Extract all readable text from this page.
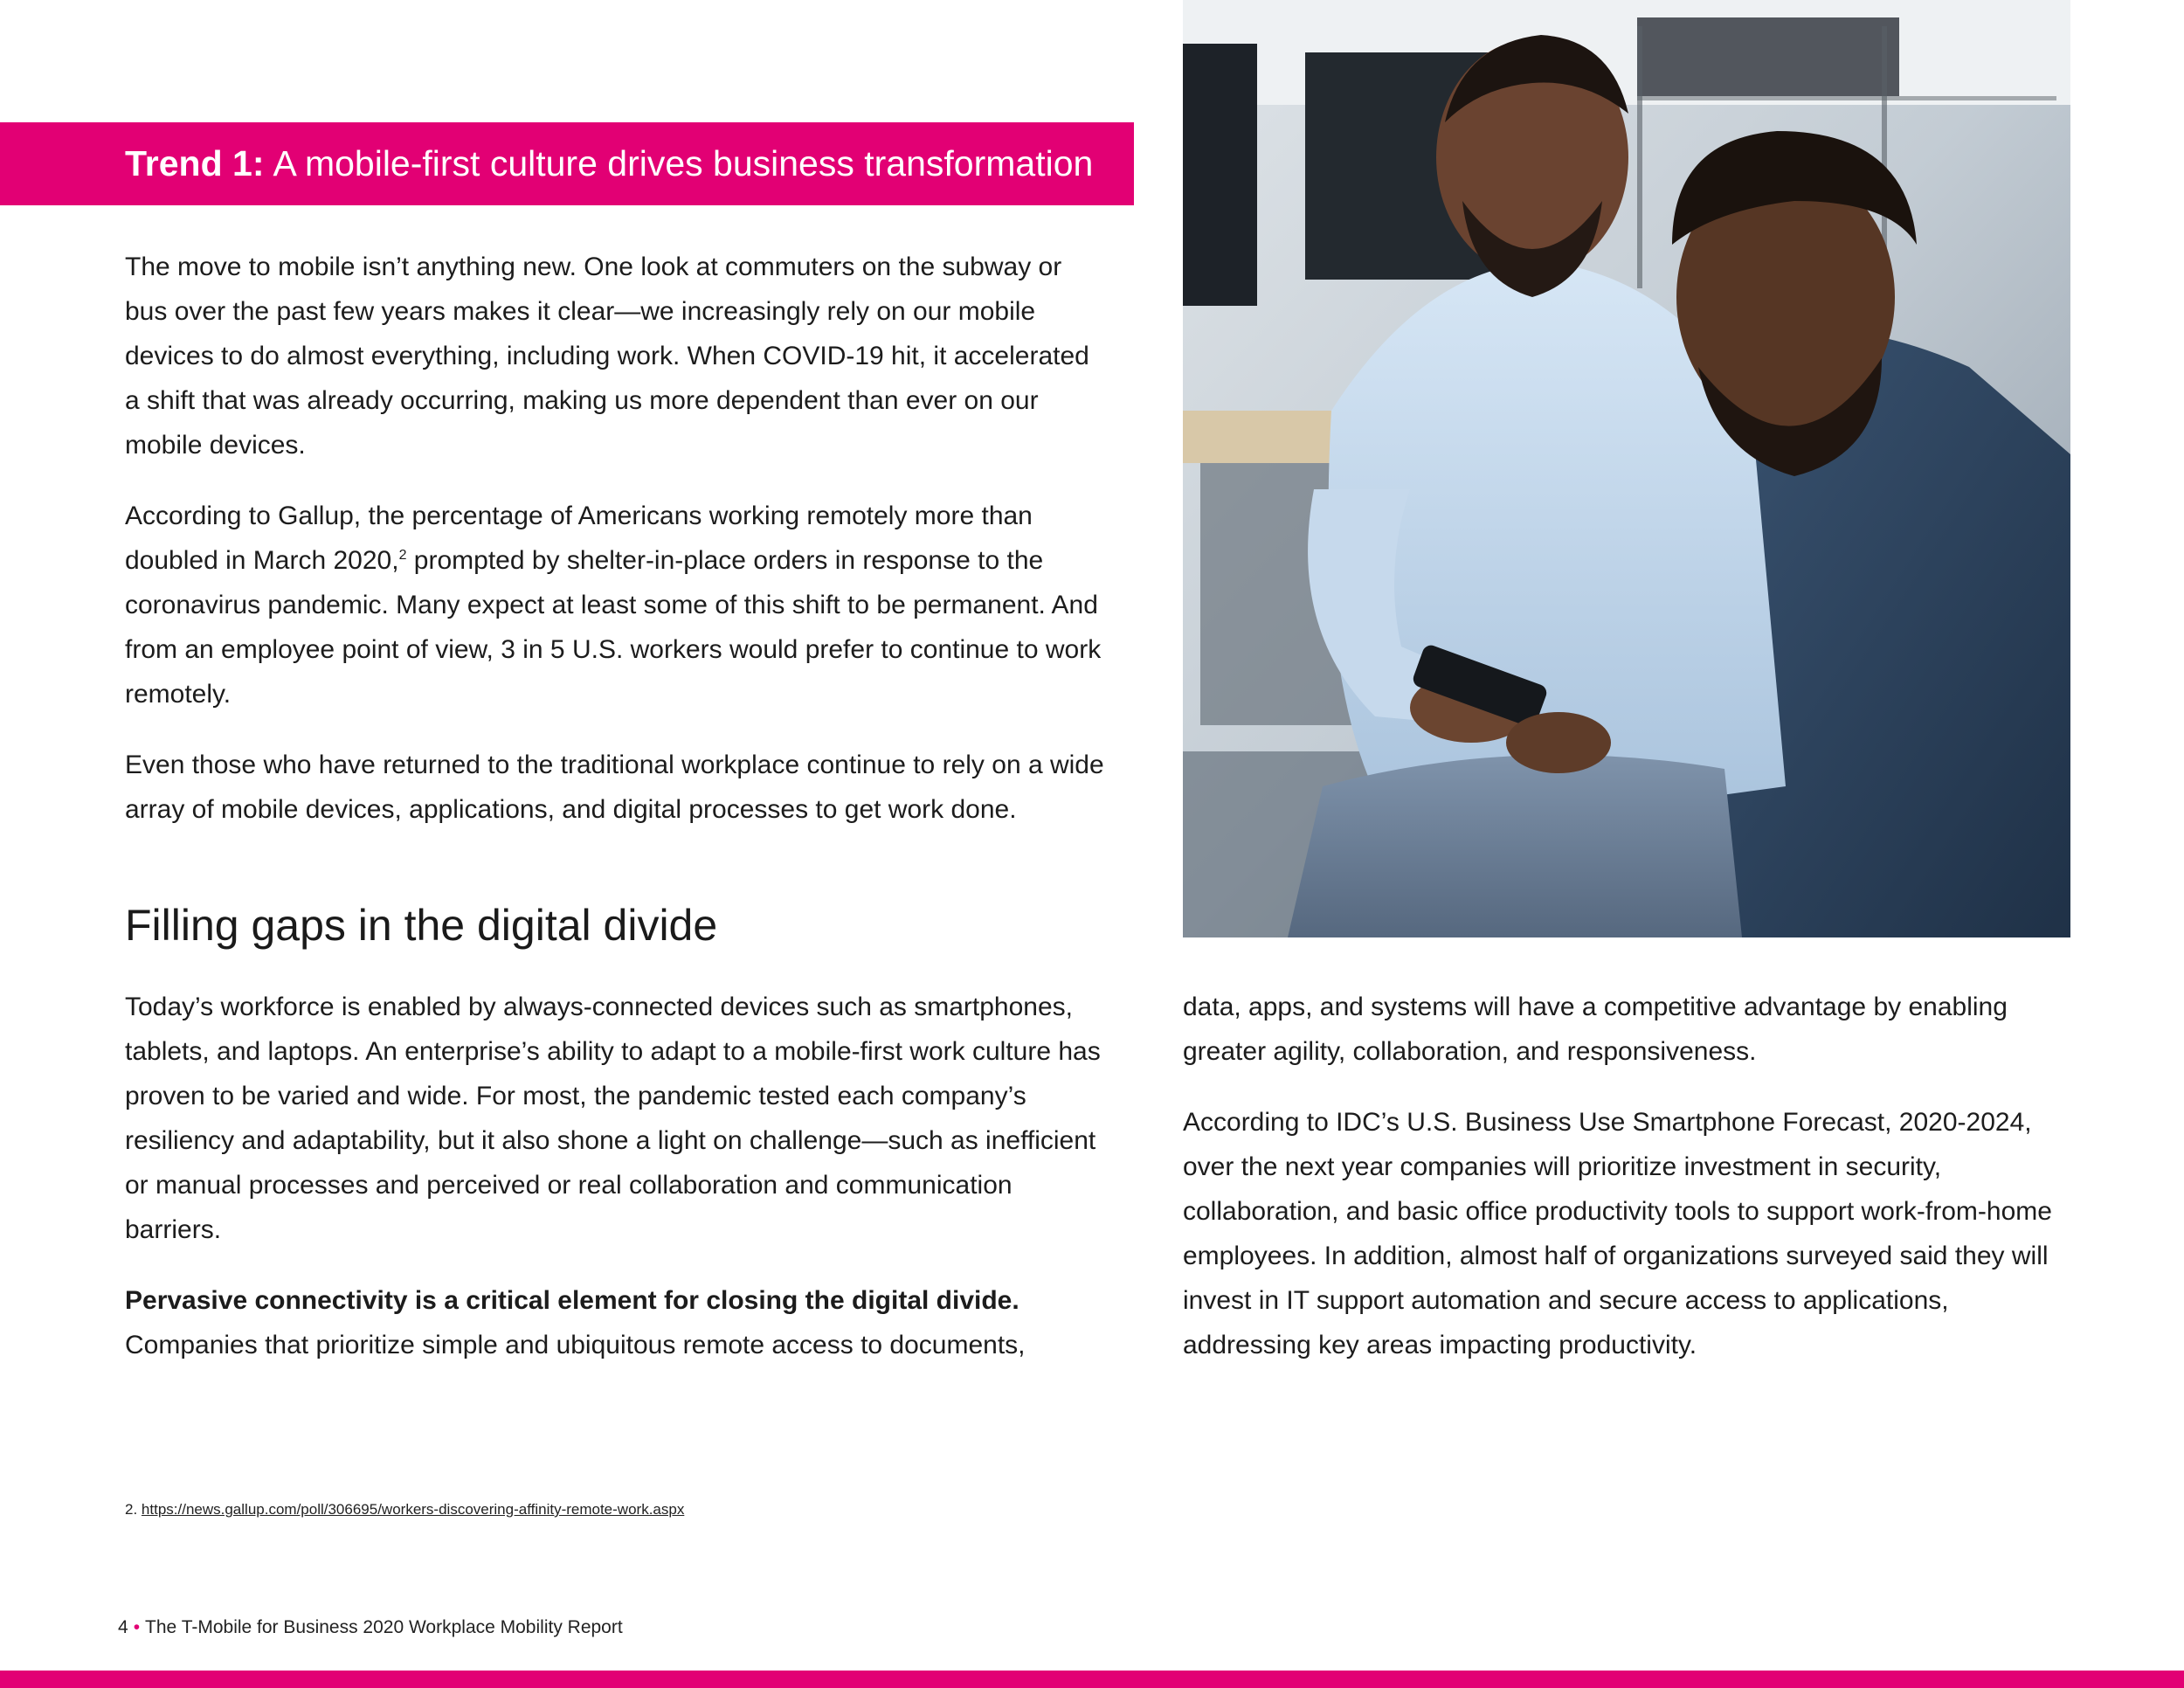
Trend 1 : A mobile-first culture drives business transformation

The move to mobile isn’t anything new. One look at commuters on the subway or bus over the past few years makes it clear—we increasingly rely on our mobile devices to do almost everything, including work. When COVID-19 hit, it accelerated a shift that was already occurring, making us more dependent than ever on our mobile devices.

According to Gallup, the percentage of Americans working remotely more than doubled in March 2020,$^2$ prompted by shelter-in-place orders in response to the coronavirus pandemic. Many expect at least some of this shift to be permanent. And from an employee point of view, 3 in 5 U.S. workers would prefer to continue to work remotely.

Even those who have returned to the traditional workplace continue to rely on a wide array of mobile devices, applications, and digital processes to get work done.

Filling gaps in the digital divide

Today’s workforce is enabled by always-connected devices such as smartphones, tablets, and laptops. An enterprise’s ability to adapt to a mobile-first work culture has proven to be varied and wide. For most, the pandemic tested each company’s resiliency and adaptability, but it also shone a light on challenge—such as inefficient or manual processes and perceived or real collaboration and communication barriers.

Pervasive connectivity is a critical element for closing the digital divide. Companies that prioritize simple and ubiquitous remote access to documents,

data, apps, and systems will have a competitive advantage by enabling greater agility, collaboration, and responsiveness.

According to IDC’s U.S. Business Use Smartphone Forecast, 2020-2024, over the next year companies will prioritize investment in security, collaboration, and basic office productivity tools to support work-from-home employees. In addition, almost half of organizations surveyed said they will invest in IT support automation and secure access to applications, addressing key areas impacting productivity.

2. https://news.gallup.com/poll/306695/workers-discovering-affinity-remote-work.aspx
4 • The T-Mobile for Business 2020 Workplace Mobility Report
